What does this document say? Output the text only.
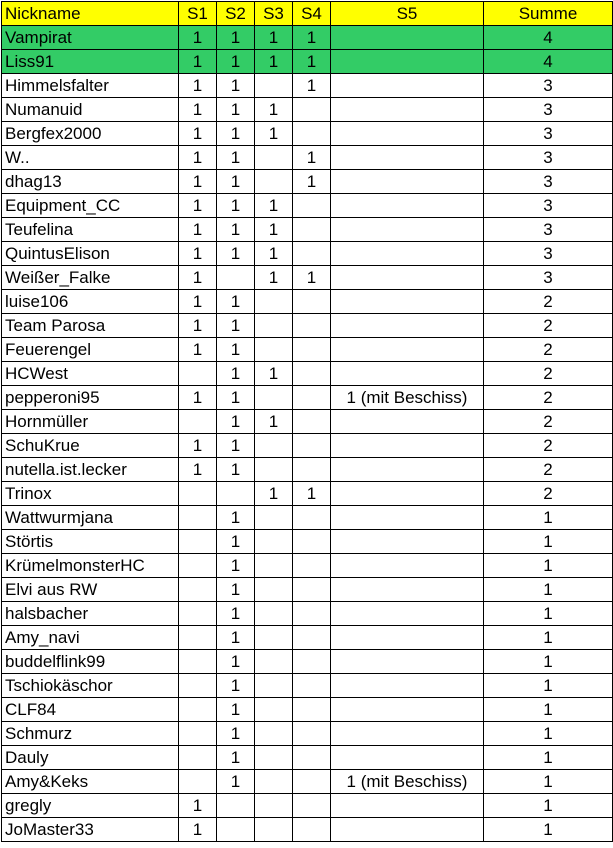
Nickname	S1	S2	S3	S4	S5	Summe
Vampirat	1	1	1	1		4
Liss91	1	1	1	1		4
Himmelsfalter	1	1		1		3
Numanuid	1	1	1			3
Bergfex2000	1	1	1			3
W..	1	1		1		3
dhag13	1	1		1		3
Equipment_CC	1	1	1			3
Teufelina	1	1	1			3
QuintusElison	1	1	1			3
Weißer_Falke	1		1	1		3
luise106	1	1				2
Team Parosa	1	1				2
Feuerengel	1	1				2
HCWest		1	1			2
pepperoni95	1	1			1 (mit Beschiss)	2
Hornmüller		1	1			2
SchuKrue	1	1				2
nutella.ist.lecker	1	1				2
Trinox			1	1		2
Wattwurmjana		1				1
Störtis		1				1
KrümelmonsterHC		1				1
Elvi aus RW		1				1
halsbacher		1				1
Amy_navi		1				1
buddelflink99		1				1
Tschiokäschor		1				1
CLF84		1				1
Schmurz		1				1
Dauly		1				1
Amy&Keks		1			1 (mit Beschiss)	1
gregly	1					1
JoMaster33	1					1
